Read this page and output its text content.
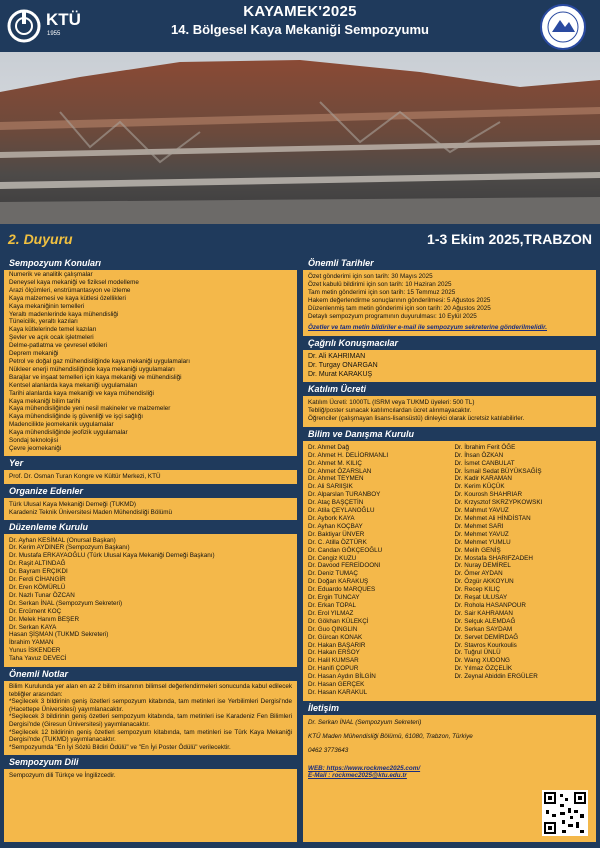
KTÜ
1955
KAYAMEK'2025
14. Bölgesel Kaya Mekaniği Sempozyumu
2. Duyuru	1-3 Ekim 2025,TRABZON
Sempozyum Konuları
Numerik ve analitik çalışmalar
Deneysel kaya mekaniği ve fiziksel modelleme
Arazi ölçümleri, enstrümantasyon ve izleme
Kaya malzemesi ve kaya kütlesi özellikleri
Kaya mekaniğinin temelleri
Yeraltı madenlerinde kaya mühendisliği
Tüneicilik, yeraltı kazıları
Kaya kütlelerinde temel kazıları
Şevler ve açık ocak işletmeleri
Delme-patlatma ve çevresel etkileri
Deprem mekaniği
Petrol ve doğal gaz mühendisliğinde kaya mekaniği uygulamaları
Nükleer enerji mühendisliğinde kaya mekaniği uygulamaları
Barajlar ve inşaat temelleri için kaya mekaniği ve mühendisliği
Kentsel alanlarda kaya mekaniği uygulamaları
Tarihi alanlarda kaya mekaniği ve kaya mühendisliği
Kaya mekaniği bilim tarihi
Kaya mühendisliğinde yeni nesil makineler ve malzemeler
Kaya mühendisliğinde iş güvenliği ve işçi sağlığı
Madencilikte jeomekanik uygulamalar
Kaya mühendisliğinde jeofizik uygulamalar
Sondaj teknolojisi
Çevre jeomekaniği
Yer
Prof. Dr. Osman Turan Kongre ve Kültür Merkezi, KTÜ
Organize Edenler
Türk Ulusal Kaya Mekaniği Derneği (TUKMD)
Karadeniz Teknik Üniversitesi Maden Mühendisliği Bölümü
Düzenleme Kurulu
Dr. Ayhan KESİMAL (Onursal Başkan)
Dr. Kerim AYDINER (Sempozyum Başkanı)
Dr. Mustafa ERKAYAOĞLU (Türk Ulusal Kaya Mekaniği Derneği Başkanı)
Dr. Raşit ALTINDAĞ
Dr. Bayram ERÇIKDI
Dr. Ferdi CİHANGİR
Dr. Eren KÖMÜRLÜ
Dr. Nazlı Tunar ÖZCAN
Dr. Serkan İNAL (Sempozyum Sekreteri)
Dr. Ercüment KOÇ
Dr. Melek Hanım BEŞER
Dr. Serkan KAYA
Hasan ŞİŞMAN (TUKMD Sekreteri)
İbrahim YAMAN
Yunus İSKENDER
Taha Yavuz DEVECİ
Önemli Notlar
Bilim Kurulunda yer alan en az 2 bilim insanının bilimsel değerlendirmeleri sonucunda kabul edilecek tebliğler arasından:
*Seçilecek 3 bildirinin geniş özetleri sempozyum kitabında, tam metinleri ise Yerbilimleri Dergisi'nde (Hacettepe Üniversitesi) yayımlanacaktır.
*Seçilecek 3 bildirinin geniş özetleri sempozyum kitabında, tam metinleri ise Karadeniz Fen Bilimleri Dergisi'nde (Giresun Üniversitesi) yayımlanacaktır.
*Seçilecek 12 bildirinin geniş özetleri sempozyum kitabında, tam metinleri ise Türk Kaya Mekaniği Dergisi'nde (TUKMD) yayımlanacaktır.
*Sempozyumda "En İyi Sözlü Bildiri Ödülü" ve "En İyi Poster Ödülü" verilecektir.
Sempozyum Dili
Sempozyum dili Türkçe ve İngilizcedir.
Önemli Tarihler
Özet gönderimi için son tarih: 30 Mayıs 2025
Özet kabulü bildirimi için son tarih: 10 Haziran 2025
Tam metin gönderimi için son tarih: 15 Temmuz 2025
Hakem değerlendirme sonuçlarının gönderilmesi: 5 Ağustos 2025
Düzenlenmiş tam metin gönderimi için son tarih: 20 Ağustos 2025
Detaylı sempozyum programının duyurulması: 10 Eylül 2025
Özetler ve tam metin bildiriler e-mail ile sempozyum sekreterine gönderilmelidir.
Çağrılı Konuşmacılar
Dr. Ali KAHRIMAN
Dr. Turgay ONARGAN
Dr. Murat KARAKUŞ
Katılım Ücreti
Katılım Ücreti: 1000TL (ISRM veya TUKMD üyeleri: 500 TL)
Tebliğ/poster sunacak katılımcılardan ücret alınmayacaktır.
Öğrenciler (çalışmayan lisans-lisansüstü) dinleyici olarak ücretsiz katılabilirler.
Bilim ve Danışma Kurulu
Dr. Ahmet Dağ
Dr. Ahmet H. DELİORMANLI
Dr. Ahmet M. KILIÇ
Dr. Ahmet ÖZARSLAN
Dr. Ahmet TEYMEN
Dr. Ali SARIIŞIK
Dr. Alparslan TURANBOY
Dr. Ataç BAŞÇETİN
Dr. Atila ÇEYLANOĞLU
Dr. Aybork KAYA
Dr. Ayhan KOÇBAY
Dr. Baktiyar ÜNVER
Dr. C. Atilla ÖZTÜRK
Dr. Candan GÖKÇEOĞLU
Dr. Cengiz KUZU
Dr. Davood FEREİDOONI
Dr. Deniz TUMAÇ
Dr. Doğan KARAKUŞ
Dr. Eduardo MARQUES
Dr. Ergin TUNCAY
Dr. Erkan TOPAL
Dr. Erol YILMAZ
Dr. Gökhan KÜLEKÇİ
Dr. Guo QINGLIN
Dr. Gürcan KONAK
Dr. Hakan BAŞARIR
Dr. Hakan ERSOY
Dr. Halil KUMSAR
Dr. Hanifi ÇOPUR
Dr. Hasan Aydın BİLGİN
Dr. Hasan GERÇEK
Dr. Hasan KARAKUL
Dr. İbrahim Ferit ÖĞE
Dr. İhsan ÖZKAN
Dr. İsmet CANBULAT
Dr. İsmail Sedat BÜYÜKSAĞİŞ
Dr. Kadir KARAMAN
Dr. Kerim KÜÇÜK
Dr. Kourosh SHAHRIAR
Dr. Krzysztof SKRZYPKOWSKI
Dr. Mahmut YAVUZ
Dr. Mehmet Ali HİNDİSTAN
Dr. Mehmet SARI
Dr. Mehmet YAVUZ
Dr. Mehmet YUMLU
Dr. Melih GENİŞ
Dr. Mostafa SHARIFZADEH
Dr. Nuray DEMİREL
Dr. Ömer AYDAN
Dr. Özgür AKKOYUN
Dr. Recep KILIÇ
Dr. Reşat ULUSAY
Dr. Rohola HASANPOUR
Dr. Sair KAHRAMAN
Dr. Selçuk ALEMDAĞ
Dr. Serkan SAYDAM
Dr. Servet DEMİRDAĞ
Dr. Stavros Kourkoulis
Dr. Tuğrul ÜNLÜ
Dr. Wang XUDONG
Dr. Yılmaz ÖZÇELİK
Dr. Zeynal Abiddin ERGÜLER
İletişim
Dr. Serkan İNAL (Sempozyum Sekreteri)
KTÜ Maden Mühendisliği Bölümü, 61080, Trabzon, Türkiye
0462 3773643
WEB: https://www.rockmec2025.com/
E-Mail : rockmec2025@ktu.edu.tr
